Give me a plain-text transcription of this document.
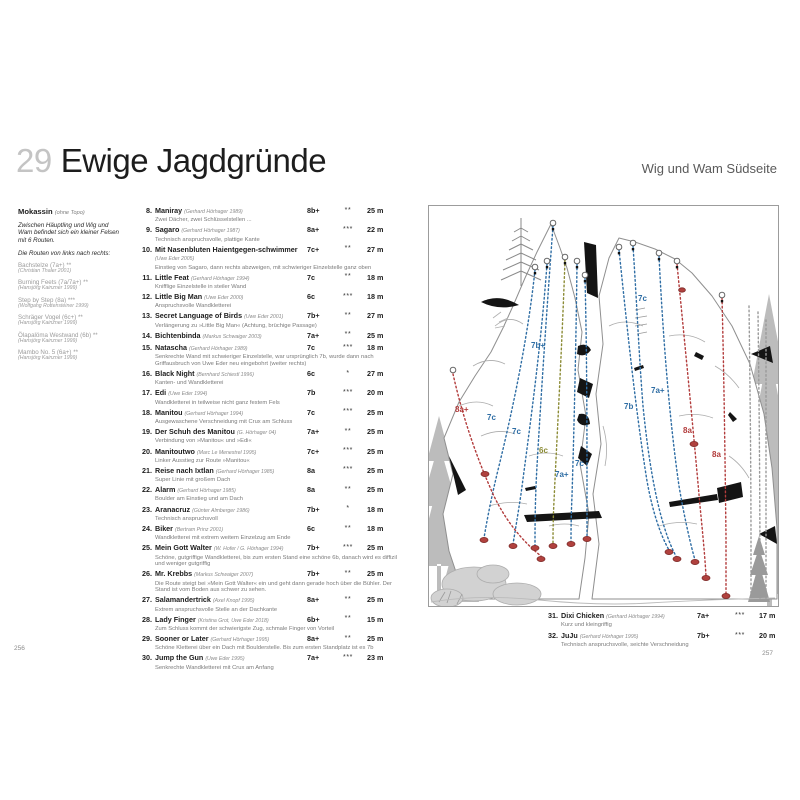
29 Ewige Jagdgründe	Wig und Wam Südseite
Mokassin (ohne Topo)
Zwischen Häuptling und Wig und Wam befindet sich ein kleiner Felsen mit 6 Routen.
Die Routen von links nach rechts:
Bachstelze (7a+) **
(Christian Thaler 2001)
Burning Feets (7a/7a+) **
(Hansjörg Kainzner 1999)
Step by Step (8a) ***
(Wolfgang Rottensteiner 1999)
Schräger Vogel (6c+) **
(Hansjörg Kainzner 1999)
Ölapalöma Westwand (6b) **
(Hansjörg Kainzner 1999)
Mambo No. 5 (6a+) **
(Hansjörg Kainzner 1999)
8. Maniray (Gerhard Hörhager 1989)	8b+	**	25 m
Zwei Dächer, zwei Schlüsselstellen ...
9. Sagaro (Gerhard Hörhager 1987)	8a+	***	22 m
Technisch anspruchsvolle, plattige Kante
10. Mit Nasenbluten Haientgegen-schwimmer (Uwe Eder 2005)
7c+	**	27 m
Einstieg von Sagaro, dann rechts abzweigen, mit schwieriger Einzelstelle ganz oben
11. Little Feat (Gerhard Hörhager 1994)	7c	**	18 m
Knifflige Einzelstelle in steiler Wand
12. Little Big Man (Uwe Eder 2000)	6c	***	18 m
Anspruchsvolle Wandkletterei
13. Secret Language of Birds (Uwe Eder 2001)	7b+	**	27 m
Verlängerung zu »Little Big Man« (Achtung, brüchige Passage)
14. Bichtenbinda (Markus Schwaiger 2003)	7a+	**	25 m
15. Natascha (Gerhard Hörhager 1989)	7c	***	18 m
Senkrechte Wand mit schwieriger Einzelstelle, war ursprünglich 7b, wurde dann nach Griffausbruch von Uwe Eder neu eingebohrt (weiter rechts)
16. Black Night (Bernhard Schiestl 1996)	6c	*	27 m
Kanten- und Wandkletterei
17. Edi (Uwe Eder 1994)	7b	***	20 m
Wandkletterei in teilweise nicht ganz festem Fels
18. Manitou (Gerhard Hörhager 1994)	7c	***	25 m
Ausgewaschene Verschneidung mit Crux am Schluss
19. Der Schuh des Manitou (G. Hörhager 04)	7a+	**	25 m
Verbindung von »Manitou« und »Edi«
20. Manitoutwo (Marc Le Menestrel 1995)	7c+	***	25 m
Linker Ausstieg zur Route »Manitou«
21. Reise nach Ixtlan (Gerhard Hörhager 1985)	8a	***	25 m
Super Linie mit großem Dach
22. Alarm (Gerhard Hörhager 1985)	8a	**	25 m
Boulder am Einstieg und am Dach
23. Aranacruz (Günter Almberger 1986)	7b+	*	18 m
Technisch anspruchsvoll
24. Biker (Bertram Prinz 2001)	6c	**	18 m
Wandkletterei mit extrem weitem Einzelzug am Ende
25. Mein Gott Walter (W. Hofer / G. Hörhager 1994)	7b+	***	25 m
Schöne, gutgriffige Wandkletterei, bis zum ersten Stand eine schöne 6b, danach wird es diffizil und weniger gutgriffig
26. Mr. Krebbs (Markus Schwaiger 2007)	7b+	**	25 m
Die Route steigt bei »Mein Gott Walter« ein und geht dann gerade hoch über die Bühler. Der Stand ist vom Boden aus schwer zu sehen.
27. Salamandertrick (Axel Knopf 1995)	8a+	**	25 m
Extrem anspruchsvolle Stelle an der Dachkante
28. Lady Finger (Kristina Grot, Uwe Eder 2018)	6b+	**	15 m
Zum Schluss kommt der schwierigste Zug, schmale Finger von Vorteil
29. Sooner or Later (Gerhard Hörhager 1995)	8a+	**	25 m
Schöne Kletterei über ein Dach mit Boulderstelle. Bis zum ersten Standplatz ist es 7b
30. Jump the Gun (Uwe Eder 1995)	7a+	***	23 m
Senkrechte Wandkletterei mit Crux am Anfang
7b+
8a+
7c
7c
6c
7a+
7c
7c
7b
7a+
8a
8a
31. Dixi Chicken (Gerhard Hörhager 1994)	7a+	***	17 m
Kurz und kleingriffig
32. JuJu (Gerhard Hörhager 1995)	7b+	***	20 m
Technisch anspruchsvolle, seichte Verschneidung
256
257
